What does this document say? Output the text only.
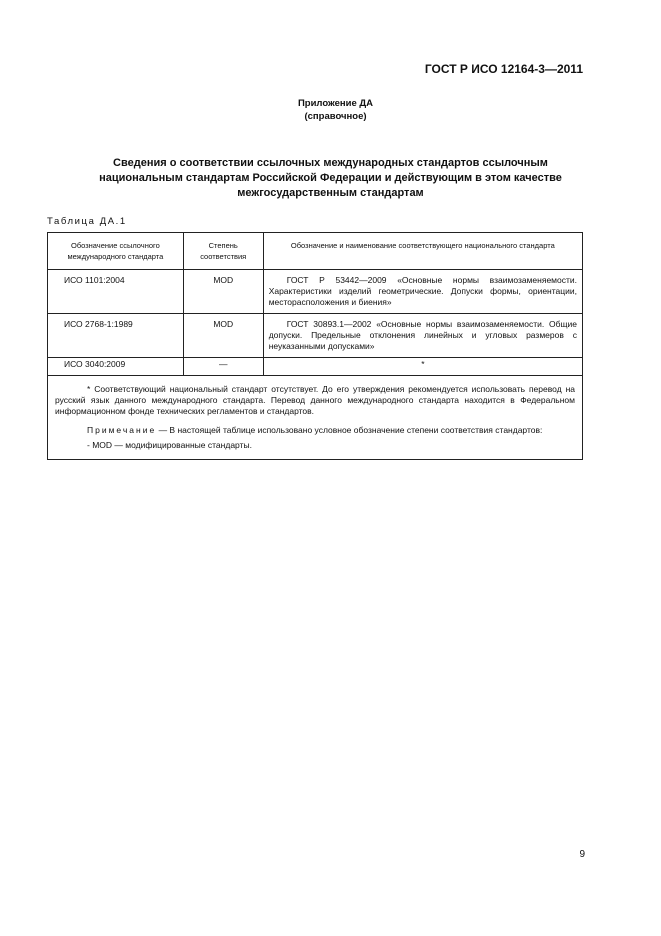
ГОСТ Р ИСО 12164-3—2011
Приложение ДА
(справочное)
Сведения о соответствии ссылочных международных стандартов ссылочным
национальным стандартам Российской Федерации и действующим в этом качестве
межгосударственным стандартам
Таблица ДА.1
Обозначение ссылочного международного стандарта	Степень соответствия	Обозначение и наименование соответствующего национального стандарта
ИСО 1101:2004	MOD	ГОСТ Р 53442—2009 «Основные нормы взаимозаменяемости. Характеристики изделий геометрические. Допуски формы, ориентации, месторасположения и биения»

ИСО 2768-1:1989	MOD	ГОСТ 30893.1—2002 «Основные нормы взаимозаменяемости. Общие допуски. Предельные отклонения линейных и угловых размеров с неуказанными допусками»

ИСО 3040:2009	—	*

* Соответствующий национальный стандарт отсутствует. До его утверждения рекомендуется использовать перевод на русский язык данного международного стандарта. Перевод данного международного стандарта находится в Федеральном информационном фонде технических регламентов и стандартов.

Примечание — В настоящей таблице использовано условное обозначение степени соответствия стандартов:

- MOD — модифицированные стандарты.		
9
